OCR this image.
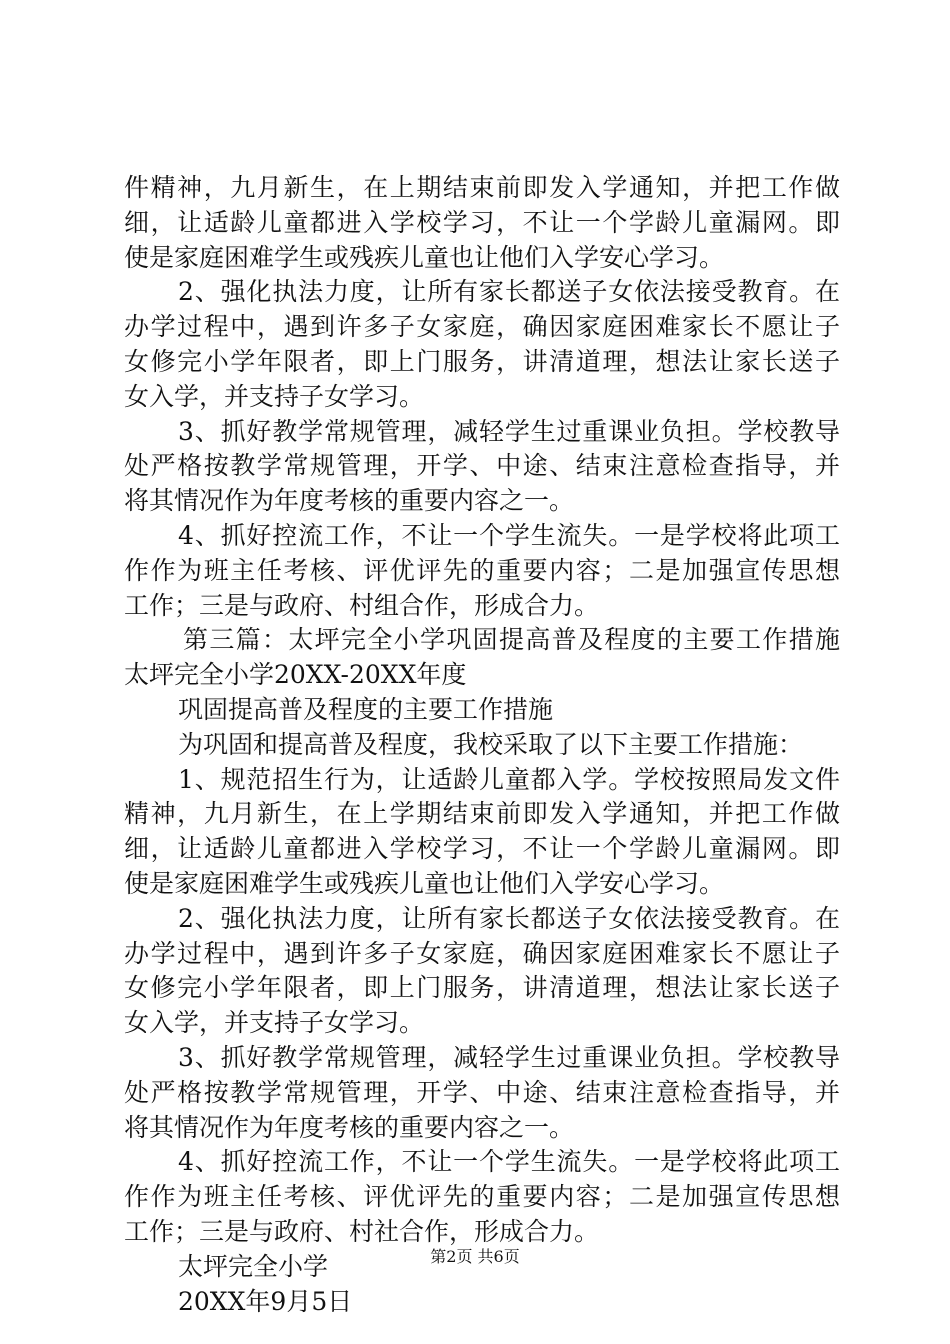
件精神，九月新生，在上期结束前即发入学通知，并把工作做
细，让适龄儿童都进入学校学习，不让一个学龄儿童漏网。即
使是家庭困难学生或残疾儿童也让他们入学安心学习。
2、强化执法力度，让所有家长都送子女依法接受教育。在
办学过程中，遇到许多子女家庭，确因家庭困难家长不愿让子
女修完小学年限者，即上门服务，讲清道理，想法让家长送子
女入学，并支持子女学习。
3、抓好教学常规管理，减轻学生过重课业负担。学校教导
处严格按教学常规管理，开学、中途、结束注意检查指导，并
将其情况作为年度考核的重要内容之一。
4、抓好控流工作，不让一个学生流失。一是学校将此项工
作作为班主任考核、评优评先的重要内容；二是加强宣传思想
工作；三是与政府、村组合作，形成合力。
第三篇：太坪完全小学巩固提高普及程度的主要工作措施
太坪完全小学20XX-20XX年度
巩固提高普及程度的主要工作措施
为巩固和提高普及程度，我校采取了以下主要工作措施：
1、规范招生行为，让适龄儿童都入学。学校按照局发文件
精神，九月新生，在上学期结束前即发入学通知，并把工作做
细，让适龄儿童都进入学校学习，不让一个学龄儿童漏网。即
使是家庭困难学生或残疾儿童也让他们入学安心学习。
2、强化执法力度，让所有家长都送子女依法接受教育。在
办学过程中，遇到许多子女家庭，确因家庭困难家长不愿让子
女修完小学年限者，即上门服务，讲清道理，想法让家长送子
女入学，并支持子女学习。
3、抓好教学常规管理，减轻学生过重课业负担。学校教导
处严格按教学常规管理，开学、中途、结束注意检查指导，并
将其情况作为年度考核的重要内容之一。
4、抓好控流工作，不让一个学生流失。一是学校将此项工
作作为班主任考核、评优评先的重要内容；二是加强宣传思想
工作；三是与政府、村社合作，形成合力。
太坪完全小学
20XX年9月5日
第2页 共6页
